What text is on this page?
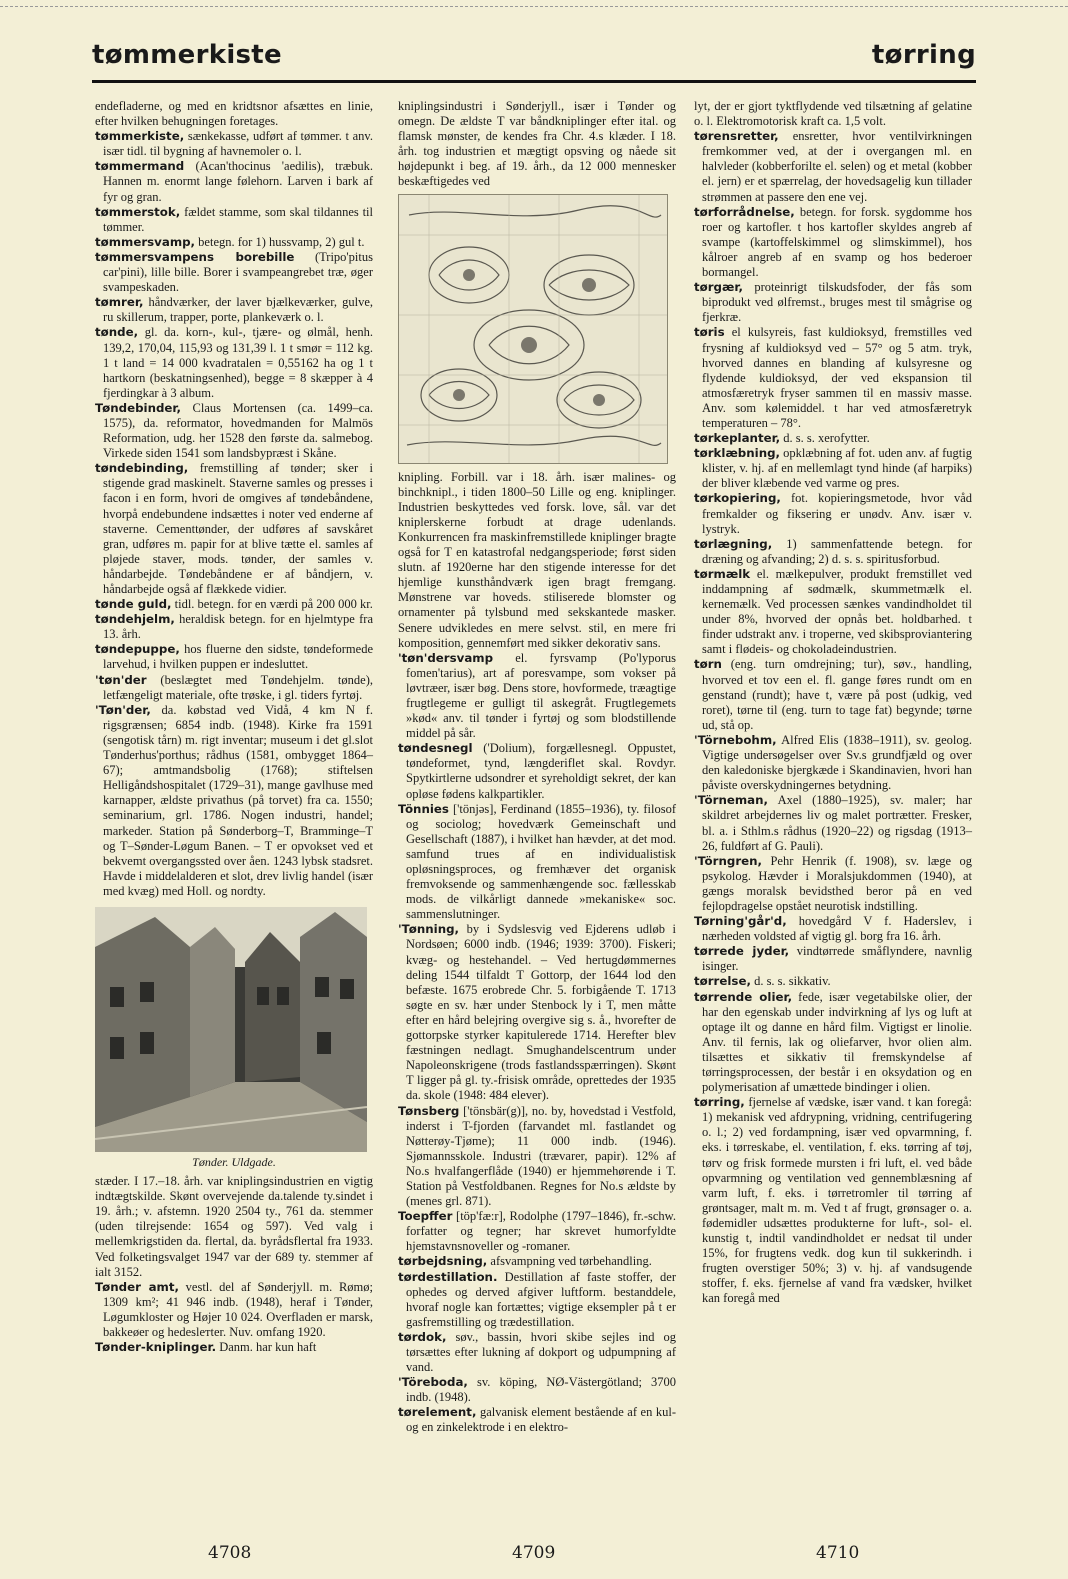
tømmerkiste	tørring

endefladerne, og med en kridtsnor afsættes en linie, efter hvilken behugningen foretages.

tømmerkiste, sænkekasse, udført af tømmer. t anv. især tidl. til bygning af havnemoler o. l.

tømmermand (Acan'thocinus 'aedilis), træbuk. Hannen m. enormt lange følehorn. Larven i bark af fyr og gran.

tømmerstok, fældet stamme, som skal tildannes til tømmer.

tømmersvamp, betegn. for 1) hussvamp, 2) gul t.

tømmersvampens borebille (Tripo'pitus car'pini), lille bille. Borer i svampeangrebet træ, øger svampeskaden.

tømrer, håndværker, der laver bjælkeværker, gulve, ru skillerum, trapper, porte, plankeværk o. l.

tønde, gl. da. korn-, kul-, tjære- og ølmål, henh. 139,2, 170,04, 115,93 og 131,39 l. 1 t smør = 112 kg. 1 t land = 14 000 kvadratalen = 0,55162 ha og 1 t hartkorn (beskatningsenhed), begge = 8 skæpper à 4 fjerdingkar à 3 album.

Tøndebinder, Claus Mortensen (ca. 1499–ca. 1575), da. reformator, hovedmanden for Malmös Reformation, udg. her 1528 den første da. salmebog. Virkede siden 1541 som landsbypræst i Skåne.

tøndebinding, fremstilling af tønder; sker i stigende grad maskinelt. Staverne samles og presses i facon i en form, hvori de omgives af tøndebåndene, hvorpå endebundene indsættes i noter ved enderne af staverne. Cementtønder, der udføres af savskåret gran, udføres m. papir for at blive tætte el. samles af pløjede staver, mods. tønder, der samles v. håndarbejde. Tøndebåndene er af båndjern, v. håndarbejde også af flækkede vidier.

tønde guld, tidl. betegn. for en værdi på 200 000 kr.

tøndehjelm, heraldisk betegn. for en hjelmtype fra 13. årh.

tøndepuppe, hos fluerne den sidste, tøndeformede larvehud, i hvilken puppen er indesluttet.

'tøn'der (beslægtet med Tøndehjelm. tønde), letfængeligt materiale, ofte trøske, i gl. tiders fyrtøj.

'Tøn'der, da. købstad ved Vidå, 4 km N f. rigsgrænsen; 6854 indb. (1948). Kirke fra 1591 (sengotisk tårn) m. rigt inventar; museum i det gl.slot Tønderhus'porthus; rådhus (1581, ombygget 1864–67); amtmandsbolig (1768); stiftelsen Helligåndshospitalet (1729–31), mange gavlhuse med karnapper, ældste privathus (på torvet) fra ca. 1550; seminarium, grl. 1786. Nogen industri, handel; markeder. Station på Sønderborg–T, Bramminge–T og T–Sønder-Løgum Banen. – T er opvokset ved et bekvemt overgangssted over åen. 1243 lybsk stadsret. Havde i middelalderen et slot, drev livlig handel (især med kvæg) med Holl. og nordty.

Tønder. Uldgade.

stæder. I 17.–18. årh. var kniplingsindustrien en vigtig indtægtskilde. Skønt overvejende da.talende ty.sindet i 19. årh.; v. afstemn. 1920 2504 ty., 761 da. stemmer (uden tilrejsende: 1654 og 597). Ved valg i mellemkrigstiden da. flertal, da. byrådsflertal fra 1933. Ved folketingsvalget 1947 var der 689 ty. stemmer af ialt 3152.

Tønder amt, vestl. del af Sønderjyll. m. Rømø; 1309 km²; 41 946 indb. (1948), heraf i Tønder, Løgumkloster og Højer 10 024. Overfladen er marsk, bakkeøer og hedeslетter. Nuv. omfang 1920.

Tønder-kniplinger. Danm. har kun haft

kniplingsindustri i Sønderjyll., især i Tønder og omegn. De ældste T var båndkniplinger efter ital. og flamsk mønster, de kendes fra Chr. 4.s klæder. I 18. årh. tog industrien et mægtigt opsving og nåede sit højdepunkt i beg. af 19. årh., da 12 000 mennesker beskæftigedes ved

knipling. Forbill. var i 18. årh. især malines- og binchknipl., i tiden 1800–50 Lille og eng. kniplinger. Industrien beskyttedes ved forsk. love, sål. var det kniplerskerne forbudt at drage udenlands. Konkurrencen fra maskinfremstillede kniplinger bragte også for T en katastrofal nedgangsperiode; først siden slutn. af 1920erne har den stigende interesse for det hjemlige kunsthåndværk igen bragt fremgang. Mønstrene var hoveds. stiliserede blomster og ornamenter på tylsbund med sekskantede masker. Senere udvikledes en mere selvst. stil, en mere fri komposition, gennemført med sikker dekorativ sans.

'tøn'dersvamp el. fyrsvamp (Po'lyporus fomen'tarius), art af poresvampe, som vokser på løvtræer, især bøg. Dens store, hovformede, træagtige frugtlegeme er gulligt til askegråt. Frugtlegemets »kød« anv. til tønder i fyrtøj og som blodstillende middel på sår.

tøndesnegl ('Dolium), forgællesnegl. Oppustet, tøndeformet, tynd, længderiflet skal. Rovdyr. Spytkirtlerne udsondrer et syreholdigt sekret, der kan opløse fødens kalkpartikler.

Tönnies ['tönjəs], Ferdinand (1855–1936), ty. filosof og sociolog; hovedværk Gemeinschaft und Gesellschaft (1887), i hvilket han hævder, at det mod. samfund trues af en individualistisk opløsningsproces, og fremhæver det organisk fremvoksende og sammenhængende soc. fællesskab mods. de vilkårligt dannede »mekaniske« soc. sammenslutninger.

'Tønning, by i Sydslesvig ved Ejderens udløb i Nordsøen; 6000 indb. (1946; 1939: 3700). Fiskeri; kvæg- og hestehandel. – Ved hertugdømmernes deling 1544 tilfaldt T Gottorp, der 1644 lod den befæste. 1675 erobrede Chr. 5. forbigående T. 1713 søgte en sv. hær under Stenbock ly i T, men måtte efter en hård belejring overgive sig s. å., hvorefter de gottorpske styrker kapitulerede 1714. Herefter blev fæstningen nedlagt. Smughandelscentrum under Napoleonskrigene (trods fastlandsspærringen). Skønt T ligger på gl. ty.-frisisk område, oprettedes der 1935 da. skole (1948: 484 elever).

Tønsberg ['tönsbär(g)], no. by, hovedstad i Vestfold, inderst i T-fjorden (farvandet ml. fastlandet og Nøtterøy-Tjøme); 11 000 indb. (1946). Sjømannsskole. Industri (trævarer, papir). 12% af No.s hvalfangerflåde (1940) er hjemmehørende i T. Station på Vestfoldbanen. Regnes for No.s ældste by (menes grl. 871).

Toepffer [töp'fæ:r], Rodolphe (1797–1846), fr.-schw. forfatter og tegner; har skrevet humorfyldte hjemstavnsnoveller og -romaner.

tørbejdsning, afsvampning ved tørbehandling.

tørdestillation. Destillation af faste stoffer, der ophedes og derved afgiver luftform. bestanddele, hvoraf nogle kan fortættes; vigtige eksempler på t er gasfremstilling og trædestillation.

tørdok, søv., bassin, hvori skibe sejles ind og tørsættes efter lukning af dokport og udpumpning af vand.

'Töreboda, sv. köping, NØ-Västergötland; 3700 indb. (1948).

tørelement, galvanisk element bestående af en kul- og en zinkelektrode i en elektro-

lyt, der er gjort tyktflydende ved tilsætning af gelatine o. l. Elektromotorisk kraft ca. 1,5 volt.

tørensretter, ensretter, hvor ventilvirkningen fremkommer ved, at der i overgangen ml. en halvleder (kobberforilte el. selen) og et metal (kobber el. jern) er et spærrelag, der hovedsagelig kun tillader strømmen at passere den ene vej.

tørforrådnelse, betegn. for forsk. sygdomme hos roer og kartofler. t hos kartofler skyldes angreb af svampe (kartoffelskimmel og slimskimmel), hos kålroer angreb af en svamp og hos bederoer bormangel.

tørgær, proteinrigt tilskudsfoder, der fås som biprodukt ved ølfremst., bruges mest til smågrise og fjerkræ.

tøris el kulsyreis, fast kuldioksyd, fremstilles ved frysning af kuldioksyd ved – 57° og 5 atm. tryk, hvorved dannes en blanding af kulsyresne og flydende kuldioksyd, der ved ekspansion til atmosfæretryk fryser sammen til en massiv masse. Anv. som kølemiddel. t har ved atmosfæretryk temperaturen – 78°.

tørkeplanter, d. s. s. xerofytter.

tørklæbning, opklæbning af fot. uden anv. af fugtig klister, v. hj. af en mellemlagt tynd hinde (af harpiks) der bliver klæbende ved varme og pres.

tørkopiering, fot. kopieringsmetode, hvor våd fremkalder og fiksering er unødv. Anv. især v. lystryk.

tørlægning, 1) sammenfattende betegn. for dræning og afvanding; 2) d. s. s. spiritusforbud.

tørmælk el. mælkepulver, produkt fremstillet ved inddampning af sødmælk, skummetmælk el. kernemælk. Ved processen sænkes vandindholdet til under 8%, hvorved der opnås bet. holdbarhed. t finder udstrakt anv. i troperne, ved skibsproviantering samt i flødeis- og chokoladeindustrien.

tørn (eng. turn omdrejning; tur), søv., handling, hvorved et tov een el. fl. gange føres rundt om en genstand (rundt); have t, være på post (udkig, ved roret), tørne til (eng. turn to tage fat) begynde; tørne ud, stå op.

'Törnebohm, Alfred Elis (1838–1911), sv. geolog. Vigtige undersøgelser over Sv.s grundfjæld og over den kaledoniske bjergkæde i Skandinavien, hvori han påviste overskydningernes betydning.

'Törneman, Axel (1880–1925), sv. maler; har skildret arbejdernes liv og malet portrætter. Fresker, bl. a. i Sthlm.s rådhus (1920–22) og rigsdag (1913–26, fuldført af G. Pauli).

'Törngren, Pehr Henrik (f. 1908), sv. læge og psykolog. Hævder i Moralsjukdommen (1940), at gængs moralsk bevidsthed beror på en ved fejlopdragelse opstået neurotisk indstilling.

Tørning'går'd, hovedgård V f. Haderslev, i nærheden voldsted af vigtig gl. borg fra 16. årh.

tørrede jyder, vindtørrede småflyndere, navnlig isinger.

tørrelse, d. s. s. sikkativ.

tørrende olier, fede, især vegetabilske olier, der har den egenskab under indvirkning af lys og luft at optage ilt og danne en hård film. Vigtigst er linolie. Anv. til fernis, lak og oliefarver, hvor olien alm. tilsættes et sikkativ til fremskyndelse af tørringsprocessen, der består i en oksydation og en polymerisation af umættede bindinger i olien.

tørring, fjernelse af vædske, især vand. t kan foregå: 1) mekanisk ved afdrypning, vridning, centrifugering o. l.; 2) ved fordampning, især ved opvarmning, f. eks. i tørreskabe, el. ventilation, f. eks. tørring af tøj, tørv og frisk formede mursten i fri luft, el. ved både opvarmning og ventilation ved gennemblæsning af varm luft, f. eks. i tørretromler til tørring af grøntsager, malt m. m. Ved t af frugt, grønsager o. a. fødemidler udsættes produkterne for luft-, sol- el. kunstig t, indtil vandindholdet er nedsat til under 15%, for frugtens vedk. dog kun til sukkerindh. i frugten overstiger 50%; 3) v. hj. af vandsugende stoffer, f. eks. fjernelse af vand fra vædsker, hvilket kan foregå med

4708	4709	4710
